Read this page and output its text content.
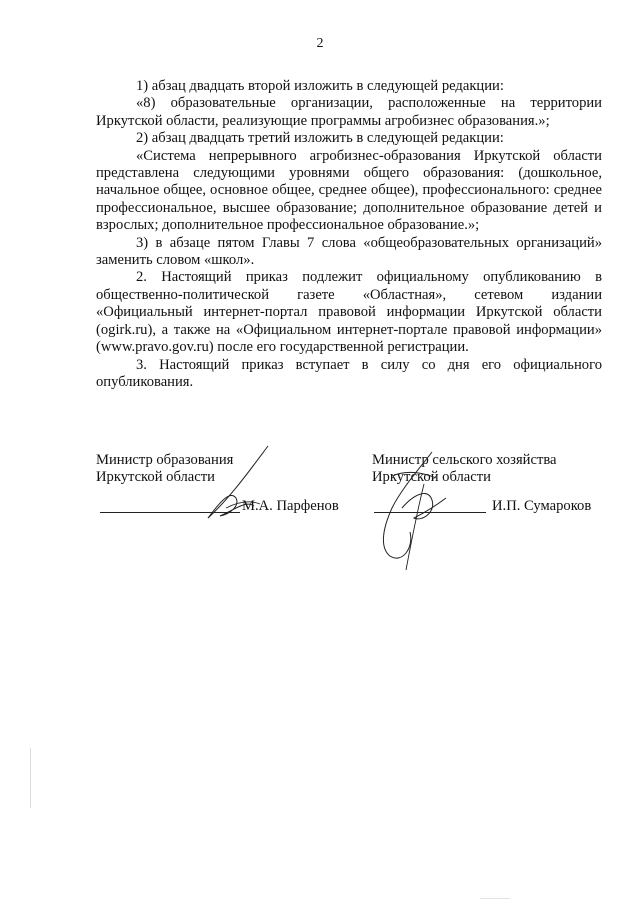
2

1) абзац двадцать второй изложить в следующей редакции:

«8) образовательные организации, расположенные на территории Иркутской области, реализующие программы агробизнес образования.»;

2) абзац двадцать третий изложить в следующей редакции:

«Система непрерывного агробизнес-образования Иркутской области представлена следующими уровнями общего образования: (дошкольное, начальное общее, основное общее, среднее общее), профессионального: среднее профессиональное, высшее образование; дополнительное образование детей и взрослых; дополнительное профессиональное образование.»;

3) в абзаце пятом Главы 7 слова «общеобразовательных организаций» заменить словом «школ».

2. Настоящий приказ подлежит официальному опубликованию в общественно-политической газете «Областная», сетевом издании «Официальный интернет-портал правовой информации Иркутской области (ogirk.ru), а также на «Официальном интернет-портале правовой информации» (www.pravo.gov.ru) после его государственной регистрации.

3. Настоящий приказ вступает в силу со дня его официального опубликования.

Министр образования
Иркутской области
М.А. Парфенов
Министр сельского хозяйства
Иркутской области
И.П. Сумароков
